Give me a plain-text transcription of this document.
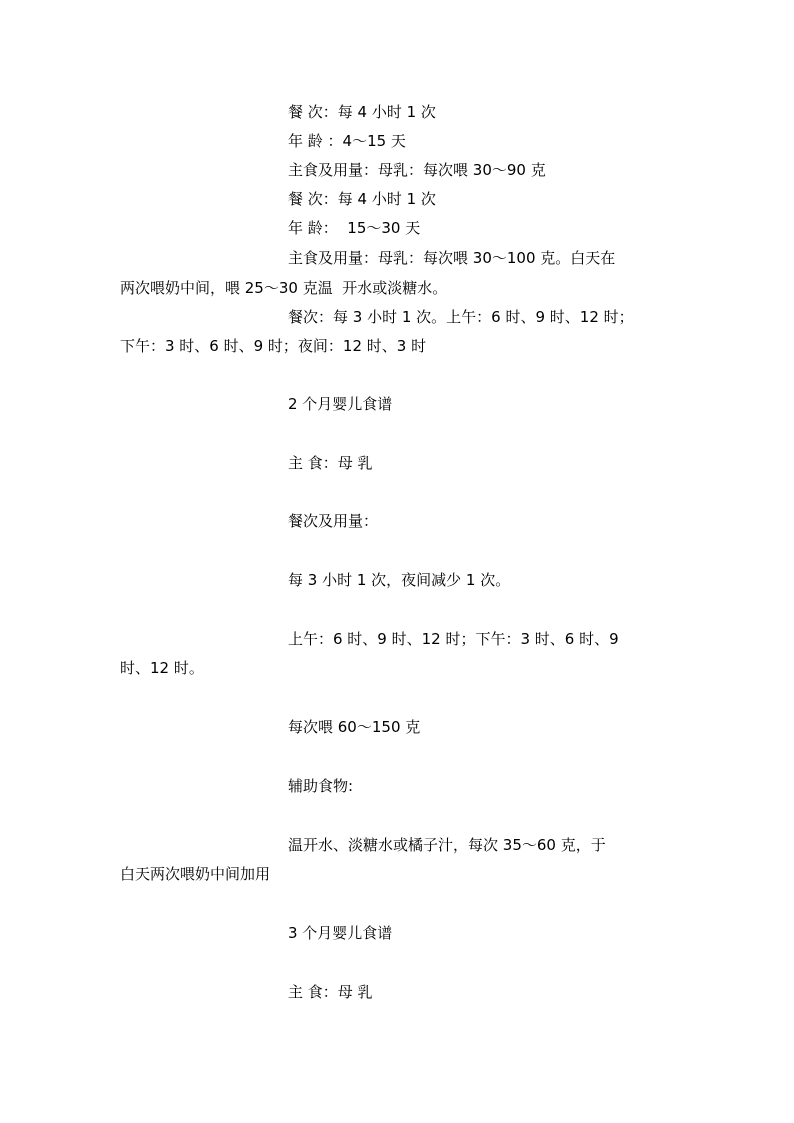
餐 次：每 4 小时 1 次
年 龄 ：4～15 天
主食及用量：母乳：每次喂 30～90 克
餐 次：每 4 小时 1 次
年 龄：  15～30 天
主食及用量：母乳：每次喂 30～100 克。白天在
两次喂奶中间，喂 25～30 克温  开水或淡糖水。
餐次：每 3 小时 1 次。上午：6 时、9 时、12 时；
下午：3 时、6 时、9 时；夜间：12 时、3 时
2 个月婴儿食谱
主 食：母 乳
餐次及用量：
每 3 小时 1 次，夜间减少 1 次。
上午：6 时、9 时、12 时；下午：3 时、6 时、9
时、12 时。
每次喂 60～150 克
辅助食物:
温开水、淡糖水或橘子汁，每次 35～60 克，于
白天两次喂奶中间加用
3 个月婴儿食谱
主 食：母 乳
